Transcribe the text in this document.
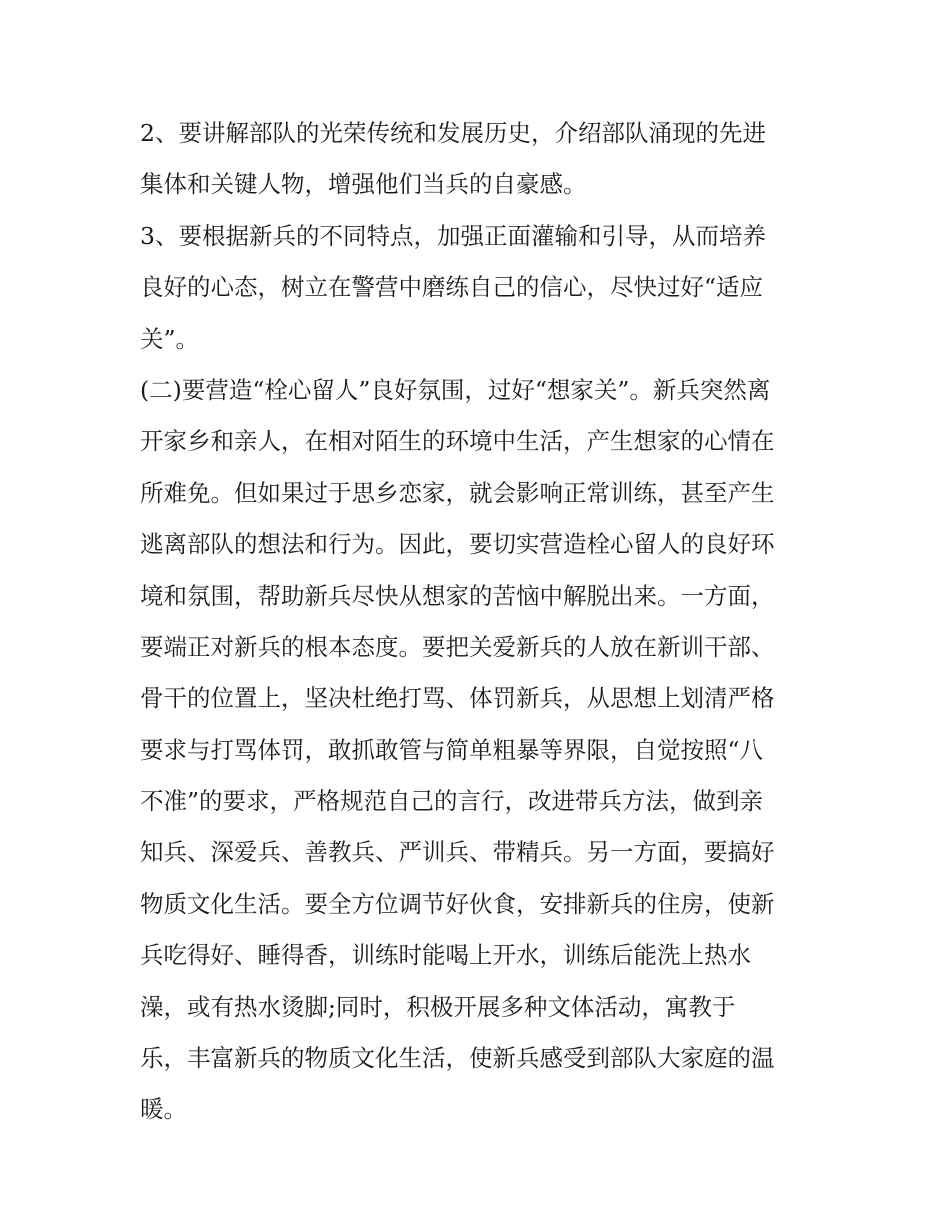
2、要讲解部队的光荣传统和发展历史，介绍部队涌现的先进
集体和关键人物，增强他们当兵的自豪感。
3、要根据新兵的不同特点，加强正面灌输和引导，从而培养
良好的心态，树立在警营中磨练自己的信心，尽快过好“适应
关”。
(二)要营造“栓心留人”良好氛围，过好“想家关”。新兵突然离
开家乡和亲人，在相对陌生的环境中生活，产生想家的心情在
所难免。但如果过于思乡恋家，就会影响正常训练，甚至产生
逃离部队的想法和行为。因此，要切实营造栓心留人的良好环
境和氛围，帮助新兵尽快从想家的苦恼中解脱出来。一方面，
要端正对新兵的根本态度。要把关爱新兵的人放在新训干部、
骨干的位置上，坚决杜绝打骂、体罚新兵，从思想上划清严格
要求与打骂体罚，敢抓敢管与简单粗暴等界限，自觉按照“八
不准”的要求，严格规范自己的言行，改进带兵方法，做到亲
知兵、深爱兵、善教兵、严训兵、带精兵。另一方面，要搞好
物质文化生活。要全方位调节好伙食，安排新兵的住房，使新
兵吃得好、睡得香，训练时能喝上开水，训练后能洗上热水
澡，或有热水烫脚;同时，积极开展多种文体活动，寓教于
乐，丰富新兵的物质文化生活，使新兵感受到部队大家庭的温
暖。
